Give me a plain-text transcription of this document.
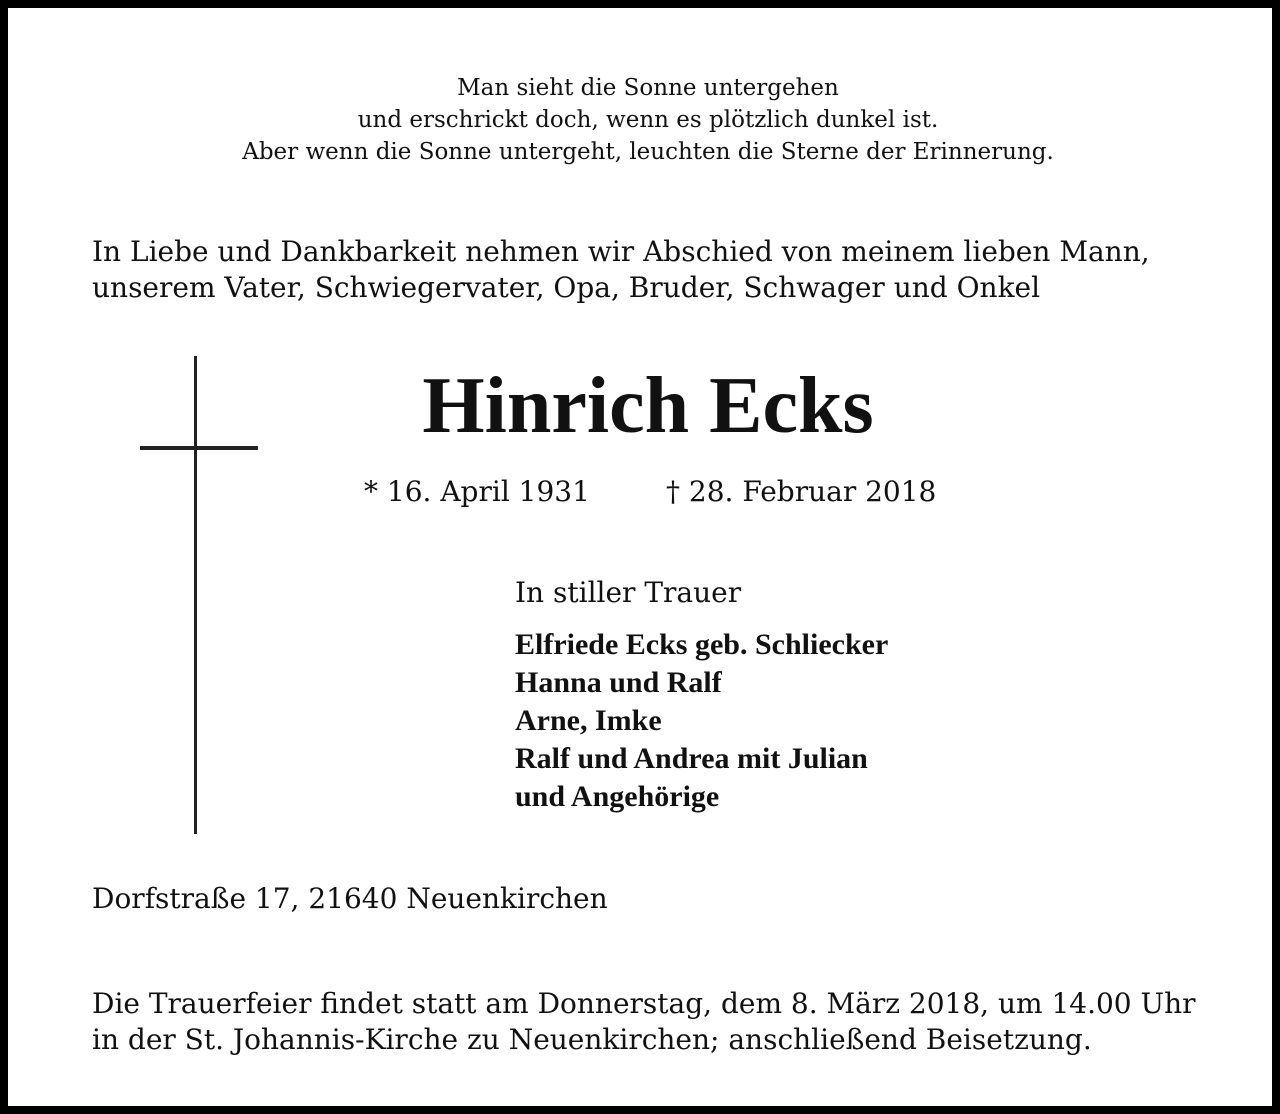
Man sieht die Sonne untergehen
und erschrickt doch, wenn es plötzlich dunkel ist.
Aber wenn die Sonne untergeht, leuchten die Sterne der Erinnerung.
In Liebe und Dankbarkeit nehmen wir Abschied von meinem lieben Mann,
unserem Vater, Schwiegervater, Opa, Bruder, Schwager und Onkel
Hinrich Ecks
* 16. April 1931	† 28. Februar 2018
In stiller Trauer
Elfriede Ecks geb. Schliecker
Hanna und Ralf
Arne, Imke
Ralf und Andrea mit Julian
und Angehörige
Dorfstraße 17, 21640 Neuenkirchen
Die Trauerfeier findet statt am Donnerstag, dem 8. März 2018, um 14.00 Uhr
in der St. Johannis-Kirche zu Neuenkirchen; anschließend Beisetzung.
